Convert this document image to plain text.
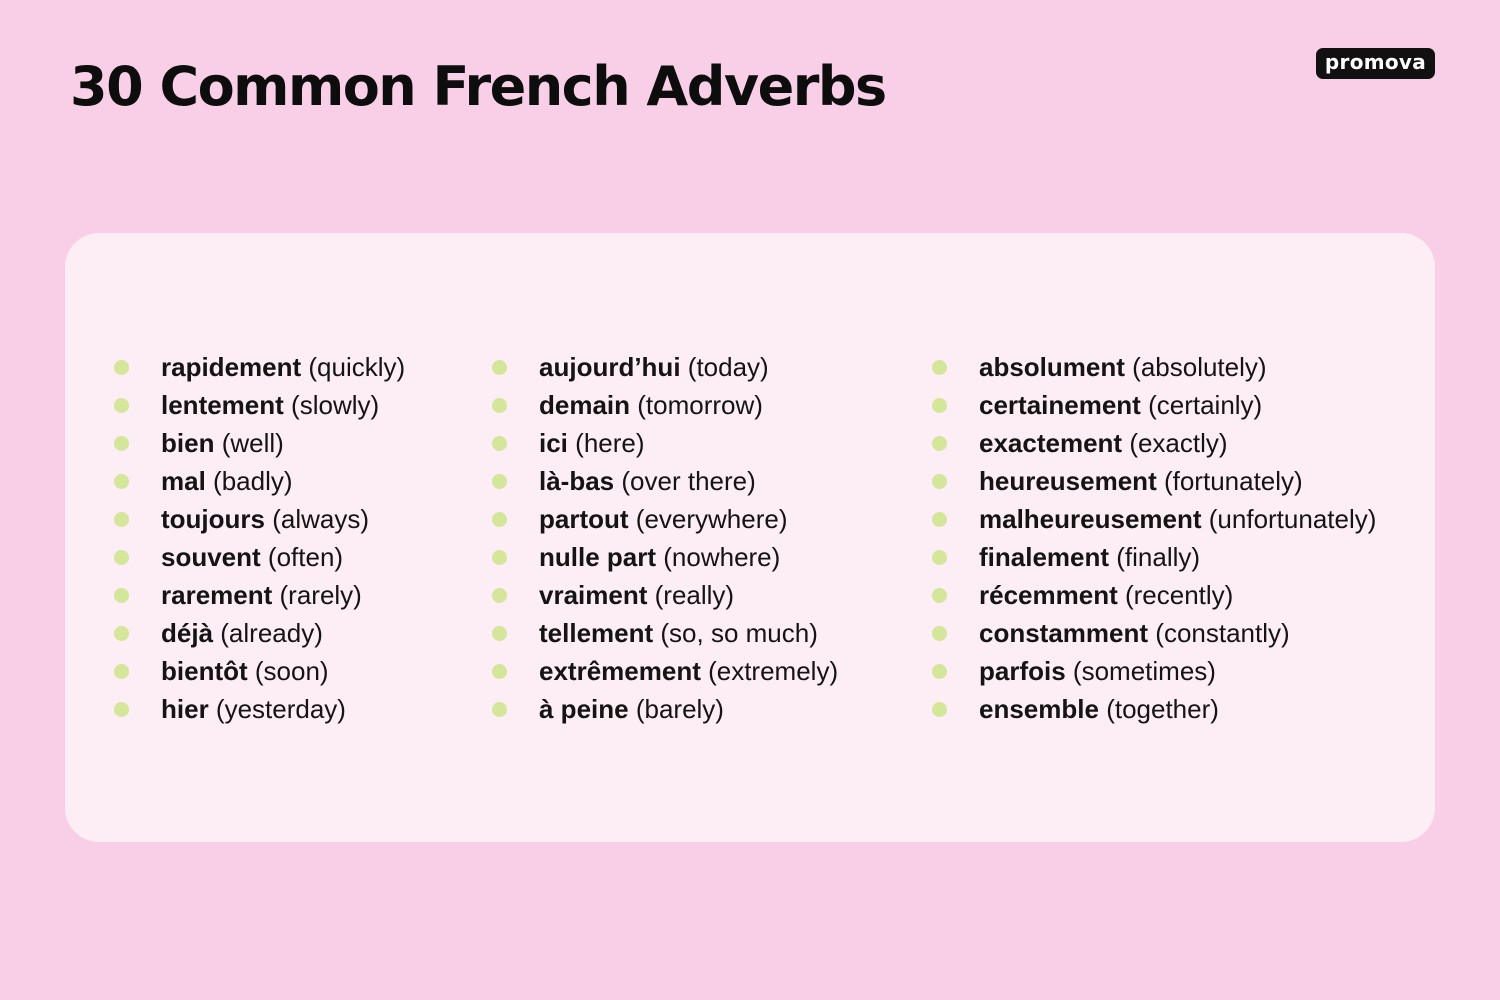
30 Common French Adverbs	promova
rapidement (quickly)
lentement (slowly)
bien (well)
mal (badly)
toujours (always)
souvent (often)
rarement (rarely)
déjà (already)
bientôt (soon)
hier (yesterday)
aujourd’hui (today)
demain (tomorrow)
ici (here)
là-bas (over there)
partout (everywhere)
nulle part (nowhere)
vraiment (really)
tellement (so, so much)
extrêmement (extremely)
à peine (barely)
absolument (absolutely)
certainement (certainly)
exactement (exactly)
heureusement (fortunately)
malheureusement (unfortunately)
finalement (finally)
récemment (recently)
constamment (constantly)
parfois (sometimes)
ensemble (together)
